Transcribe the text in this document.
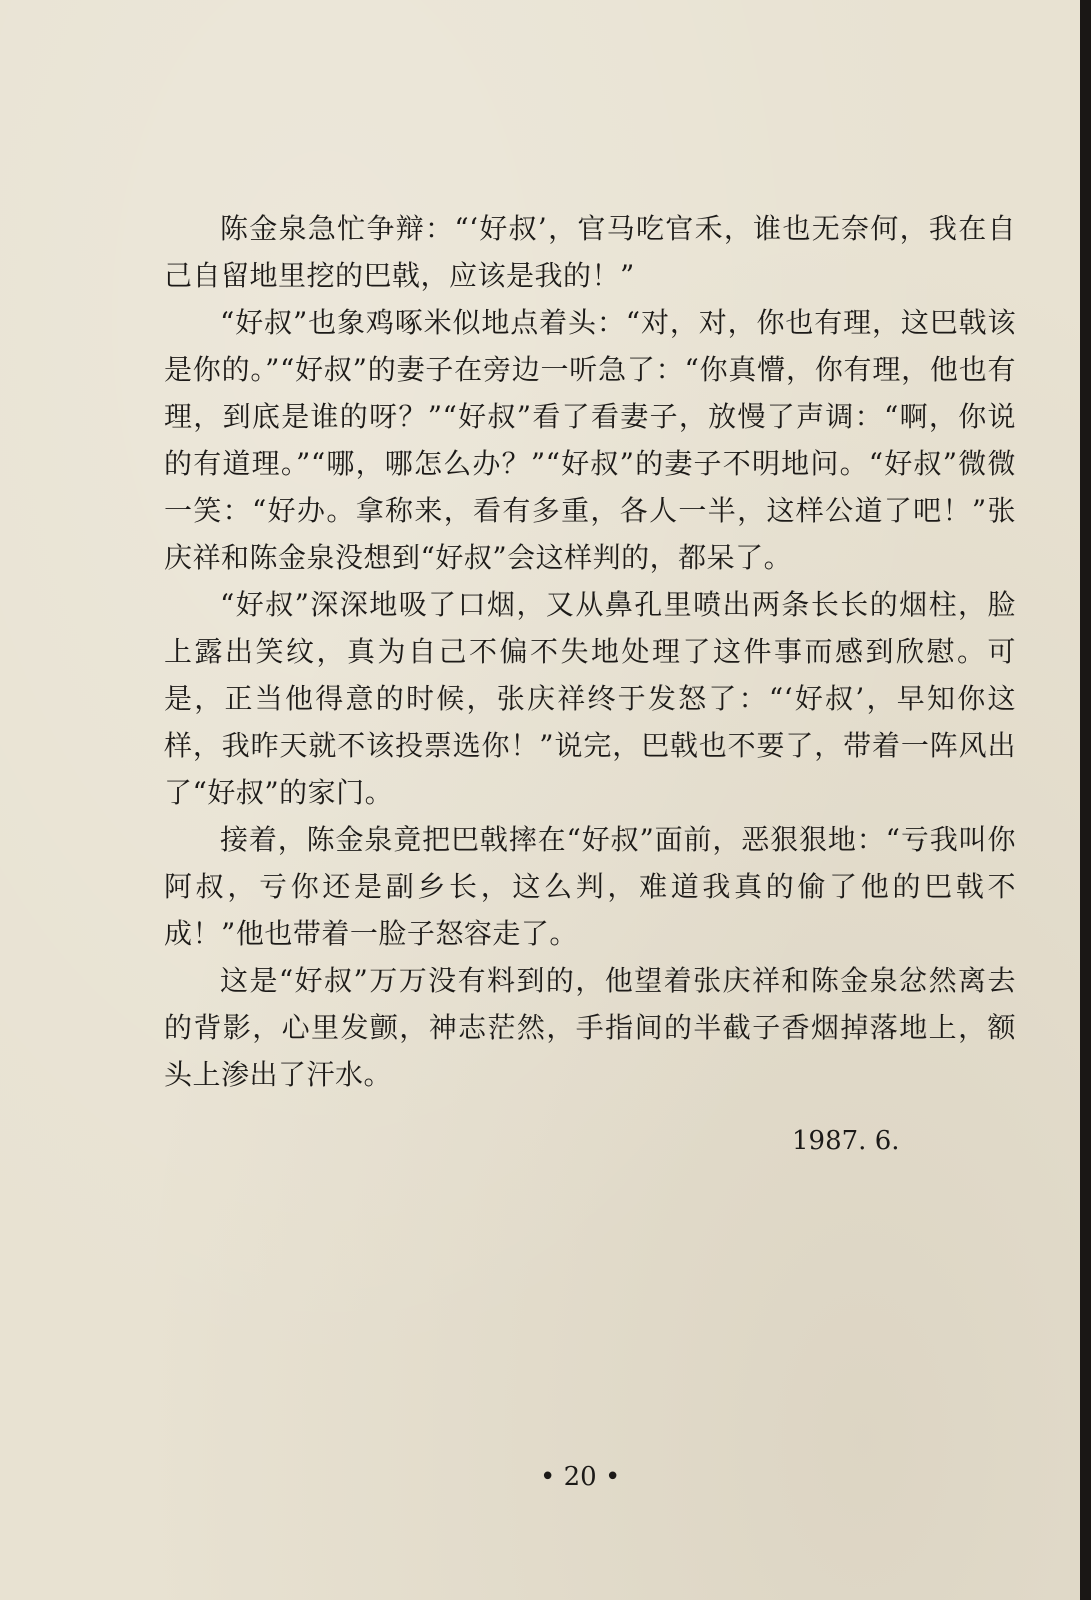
陈金泉急忙争辩：“‘好叔’，官马吃官禾，谁也无奈何，我在自己自留地里挖的巴戟，应该是我的！”

“好叔”也象鸡啄米似地点着头：“对，对，你也有理，这巴戟该是你的。”“好叔”的妻子在旁边一听急了：“你真懵，你有理，他也有理，到底是谁的呀？”“好叔”看了看妻子，放慢了声调：“啊，你说的有道理。”“哪，哪怎么办？”“好叔”的妻子不明地问。“好叔”微微一笑：“好办。拿称来，看有多重，各人一半，这样公道了吧！”张庆祥和陈金泉没想到“好叔”会这样判的，都呆了。

“好叔”深深地吸了口烟，又从鼻孔里喷出两条长长的烟柱，脸上露出笑纹，真为自己不偏不失地处理了这件事而感到欣慰。可是，正当他得意的时候，张庆祥终于发怒了：“‘好叔’，早知你这样，我昨天就不该投票选你！”说完，巴戟也不要了，带着一阵风出了“好叔”的家门。

接着，陈金泉竟把巴戟摔在“好叔”面前，恶狠狠地：“亏我叫你阿叔，亏你还是副乡长，这么判，难道我真的偷了他的巴戟不成！”他也带着一脸子怒容走了。

这是“好叔”万万没有料到的，他望着张庆祥和陈金泉忿然离去的背影，心里发颤，神志茫然，手指间的半截子香烟掉落地上，额头上渗出了汗水。

1987. 6.
• 20 •
